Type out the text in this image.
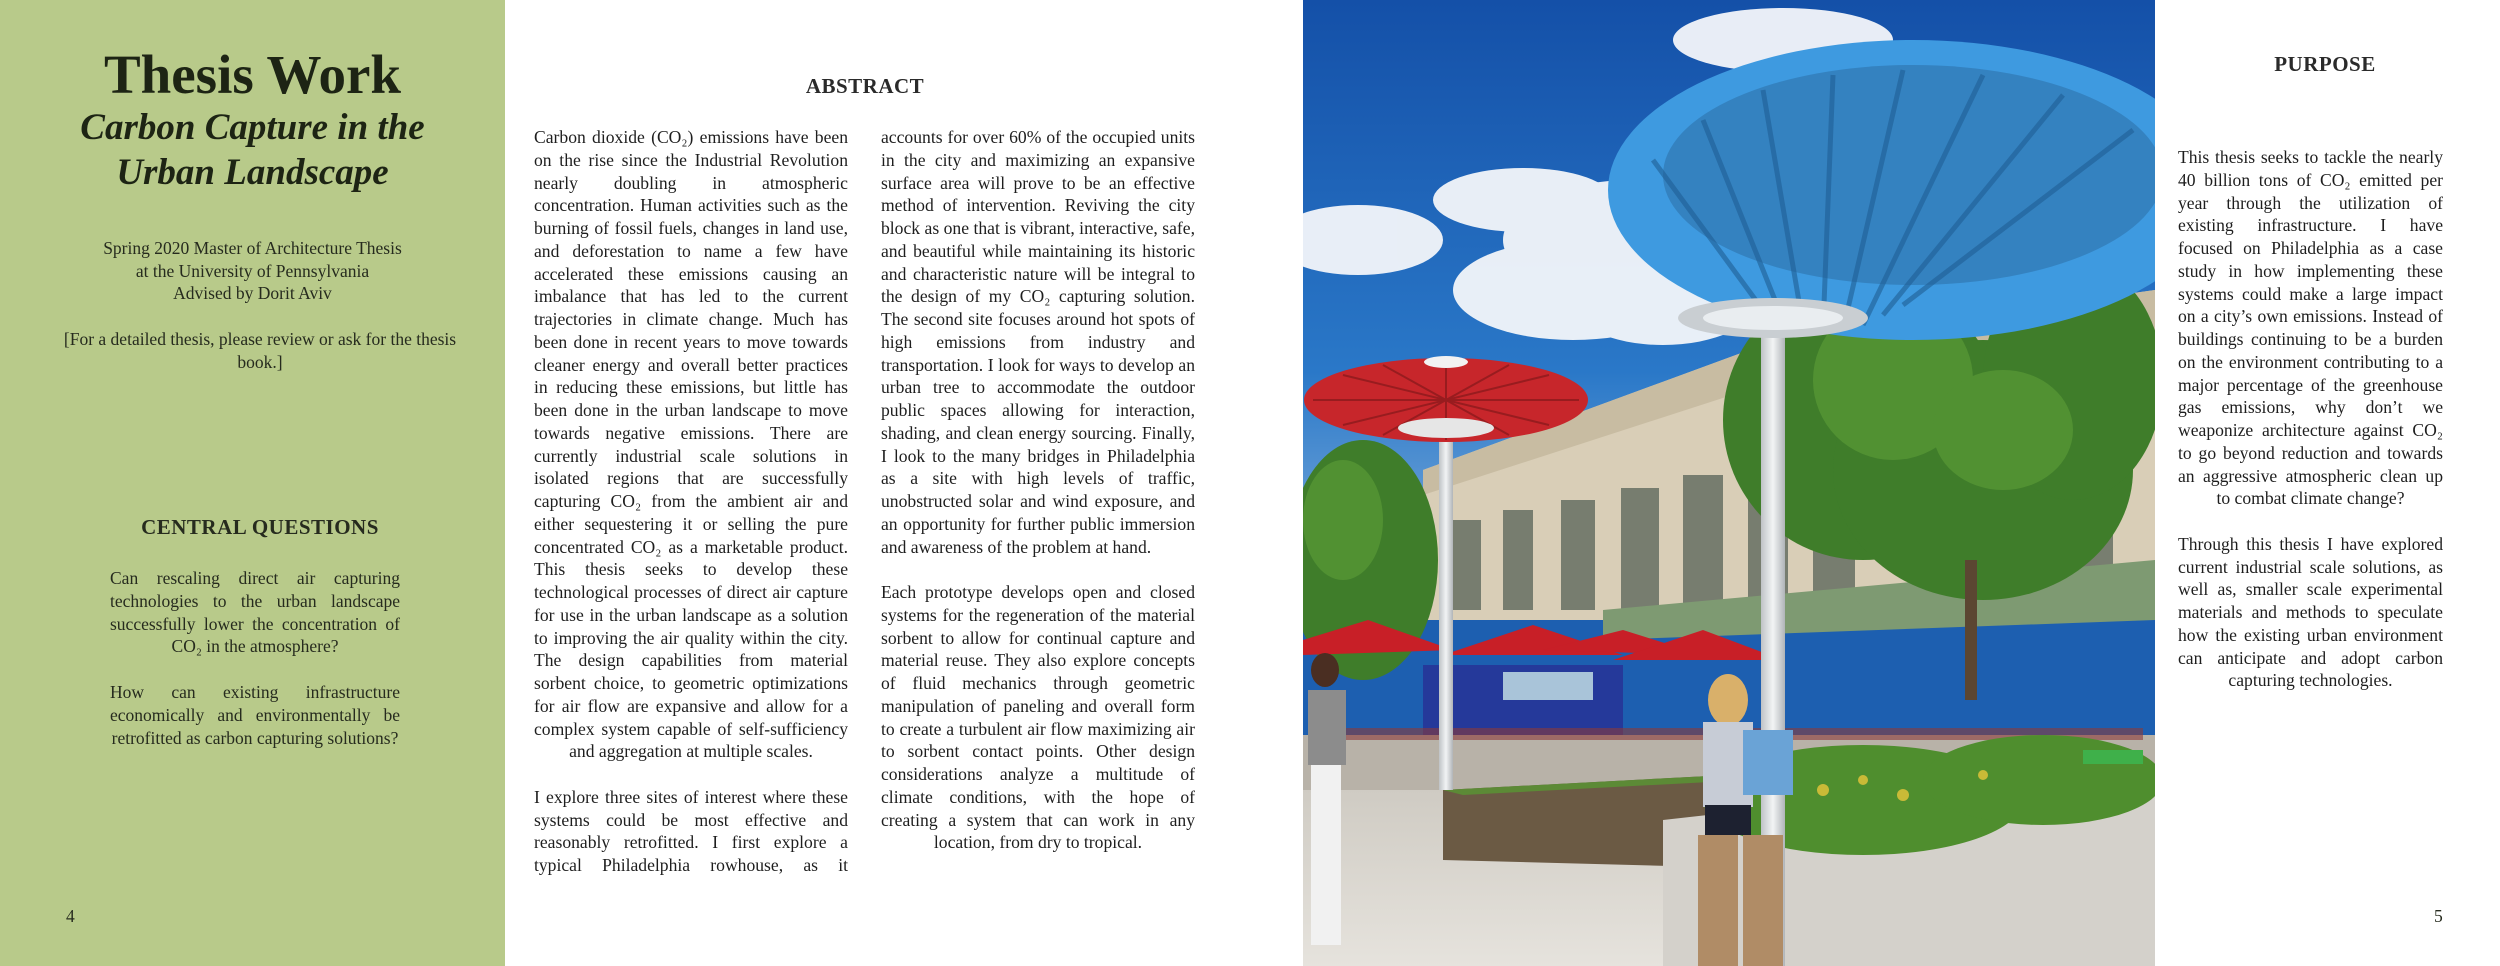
Thesis Work
Carbon Capture in the
Urban Landscape
Spring 2020 Master of Architecture Thesis
at the University of Pennsylvania
Advised by Dorit Aviv

[For a detailed thesis, please review or ask for the thesis book.]

CENTRAL QUESTIONS

Can rescaling direct air capturing technologies to the urban landscape successfully lower the concentration of CO₂ in the atmosphere?

How can existing infrastructure economically and environmentally be retrofitted as carbon capturing solutions?

4
ABSTRACT

Carbon dioxide (CO₂) emissions have been on the rise since the Industrial Revolution nearly doubling in atmospheric concentration. Human activities such as the burning of fossil fuels, changes in land use, and deforestation to name a few have accelerated these emissions causing an imbalance that has led to the current trajectories in climate change. Much has been done in recent years to move towards cleaner energy and overall better practices in reducing these emissions, but little has been done in the urban landscape to move towards negative emissions. There are currently industrial scale solutions in isolated regions that are successfully capturing CO₂ from the ambient air and either sequestering it or selling the pure concentrated CO₂ as a marketable product. This thesis seeks to develop these technological processes of direct air capture for use in the urban landscape as a solution to improving the air quality within the city. The design capabilities from material sorbent choice, to geometric optimizations for air flow are expansive and allow for a complex system capable of self-sufficiency and aggregation at multiple scales.

I explore three sites of interest where these systems could be most effective and reasonably retrofitted. I first explore a typical Philadelphia rowhouse, as it

accounts for over 60% of the occupied units in the city and maximizing an expansive surface area will prove to be an effective method of intervention. Reviving the city block as one that is vibrant, interactive, safe, and beautiful while maintaining its historic and characteristic nature will be integral to the design of my CO₂ capturing solution. The second site focuses around hot spots of high emissions from industry and transportation. I look for ways to develop an urban tree to accommodate the outdoor public spaces allowing for interaction, shading, and clean energy sourcing. Finally, I look to the many bridges in Philadelphia as a site with high levels of traffic, unobstructed solar and wind exposure, and an opportunity for further public immersion and awareness of the problem at hand.

Each prototype develops open and closed systems for the regeneration of the material sorbent to allow for continual capture and material reuse. They also explore concepts of fluid mechanics through geometric manipulation of paneling and overall form to create a turbulent air flow maximizing air to sorbent contact points. Other design considerations analyze a multitude of climate conditions, with the hope of creating a system that can work in any location, from dry to tropical.

PURPOSE

This thesis seeks to tackle the nearly 40 billion tons of CO₂ emitted per year through the utilization of existing infrastructure. I have focused on Philadelphia as a case study in how implementing these systems could make a large impact on a city’s own emissions. Instead of buildings continuing to be a burden on the environment contributing to a major percentage of the greenhouse gas emissions, why don’t we weaponize architecture against CO₂ to go beyond reduction and towards an aggressive atmospheric clean up to combat climate change?

Through this thesis I have explored current industrial scale solutions, as well as, smaller scale experimental materials and methods to speculate how the existing urban environment can anticipate and adopt carbon capturing technologies.

5
